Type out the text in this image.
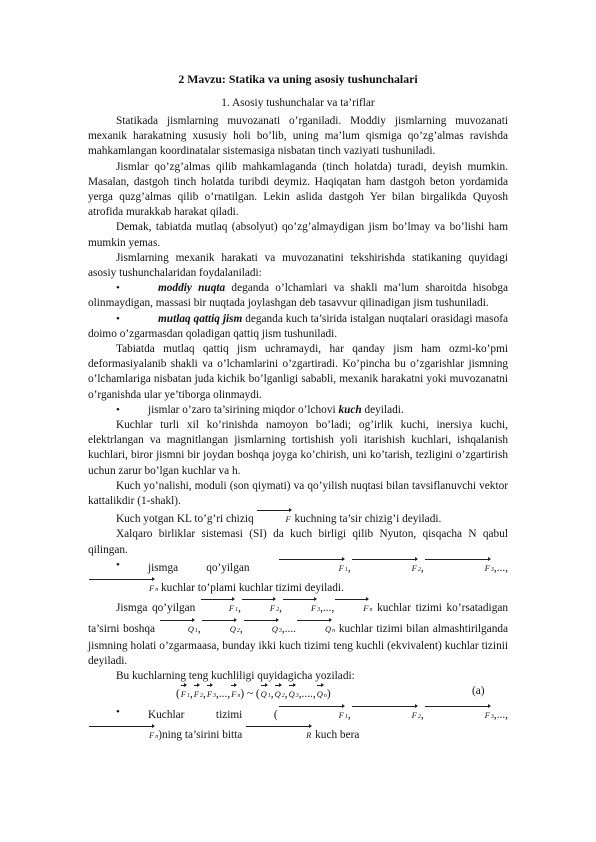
2 Mavzu: Statika va uning asosiy tushunchalari
1. Asosiy tushunchalar va ta’riflar

Statikada jismlarning muvozanati o’rganiladi. Moddiy jismlarning muvozanati mexanik harakatning xususiy holi bo’lib, uning ma’lum qismiga qo’zg’almas ravishda mahkamlangan koordinatalar sistemasiga nisbatan tinch vaziyati tushuniladi.

Jismlar qo’zg’almas qilib mahkamlaganda (tinch holatda) turadi, deyish mumkin. Masalan, dastgoh tinch holatda turibdi deymiz. Haqiqatan ham dastgoh beton yordamida yerga quzg’almas qilib o’rnatilgan. Lekin aslida dastgoh Yer bilan birgalikda Quyosh atrofida murakkab harakat qiladi.

Demak, tabiatda mutlaq (absolyut) qo’zg’almaydigan jism bo’lmay va bo’lishi ham mumkin yemas.

Jismlarning mexanik harakati va muvozanatini tekshirishda statikaning quyidagi asosiy tushunchalaridan foydalaniladi:

•	moddiy nuqta deganda o’lchamlari va shakli ma’lum sharoitda hisobga olinmaydigan, massasi bir nuqtada joylashgan deb tasavvur qilinadigan jism tushuniladi.
•	mutlaq qattiq jism deganda kuch ta’sirida istalgan nuqtalari orasidagi masofa doimo o’zgarmasdan qoladigan qattiq jism tushuniladi.

Tabiatda mutlaq qattiq jism uchramaydi, har qanday jism ham ozmi-ko’pmi deformasiyalanib shakli va o’lchamlarini o’zgartiradi. Ko’pincha bu o’zgarishlar jismning o’lchamlariga nisbatan juda kichik bo’lganligi sababli, mexanik harakatni yoki muvozanatni o’rganishda ular ye’tiborga olinmaydi.

•	jismlar o’zaro ta’sirining miqdor o’lchovi kuch deyiladi.

Kuchlar turli xil ko’rinishda namoyon bo’ladi; og’irlik kuchi, inersiya kuchi, elektrlangan va magnitlangan jismlarning tortishish yoli itarishish kuchlari, ishqalanish kuchlari, biror jismni bir joydan boshqa joyga ko’chirish, uni ko’tarish, tezligini o’zgartirish uchun zarur bo’lgan kuchlar va h.

Kuch yo’nalishi, moduli (son qiymati) va qo’yilish nuqtasi bilan tavsiflanuvchi vektor kattalikdir (1-shakl).

Kuch yotgan KL to’g’ri chiziq	F kuchning ta’sir chizig’i deyiladi.

Xalqaro birliklar sistemasi (SI) da kuch birligi qilib Nyuton, qisqacha N qabul qilingan.

•	jismga qo’yilgan	F1,	F2,	F3,...,Fn kuchlar to’plami kuchlar tizimi deyiladi.

Jismga qo’yilgan	F1,	F2,	F3,...,	Fn kuchlar tizimi ko’rsatadigan ta’sirni boshqa	Q1,	Q2,	Q3,....	Qn kuchlar tizimi bilan almashtirilganda jismning holati o’zgarmaasa, bunday ikki kuch tizimi teng kuchli (ekvivalent) kuchlar tizinii deyiladi.

Bu kuchlarning teng kuchliligi quyidagicha yoziladi:

(F1,F2,F3,...,Fn) ~ (Q1,Q2,Q3,....,Qn)	(a)
•	Kuchlar tizimi (	F1,	F2,	F3,...,Fn)ning ta’sirini bitta	R kuch bera
